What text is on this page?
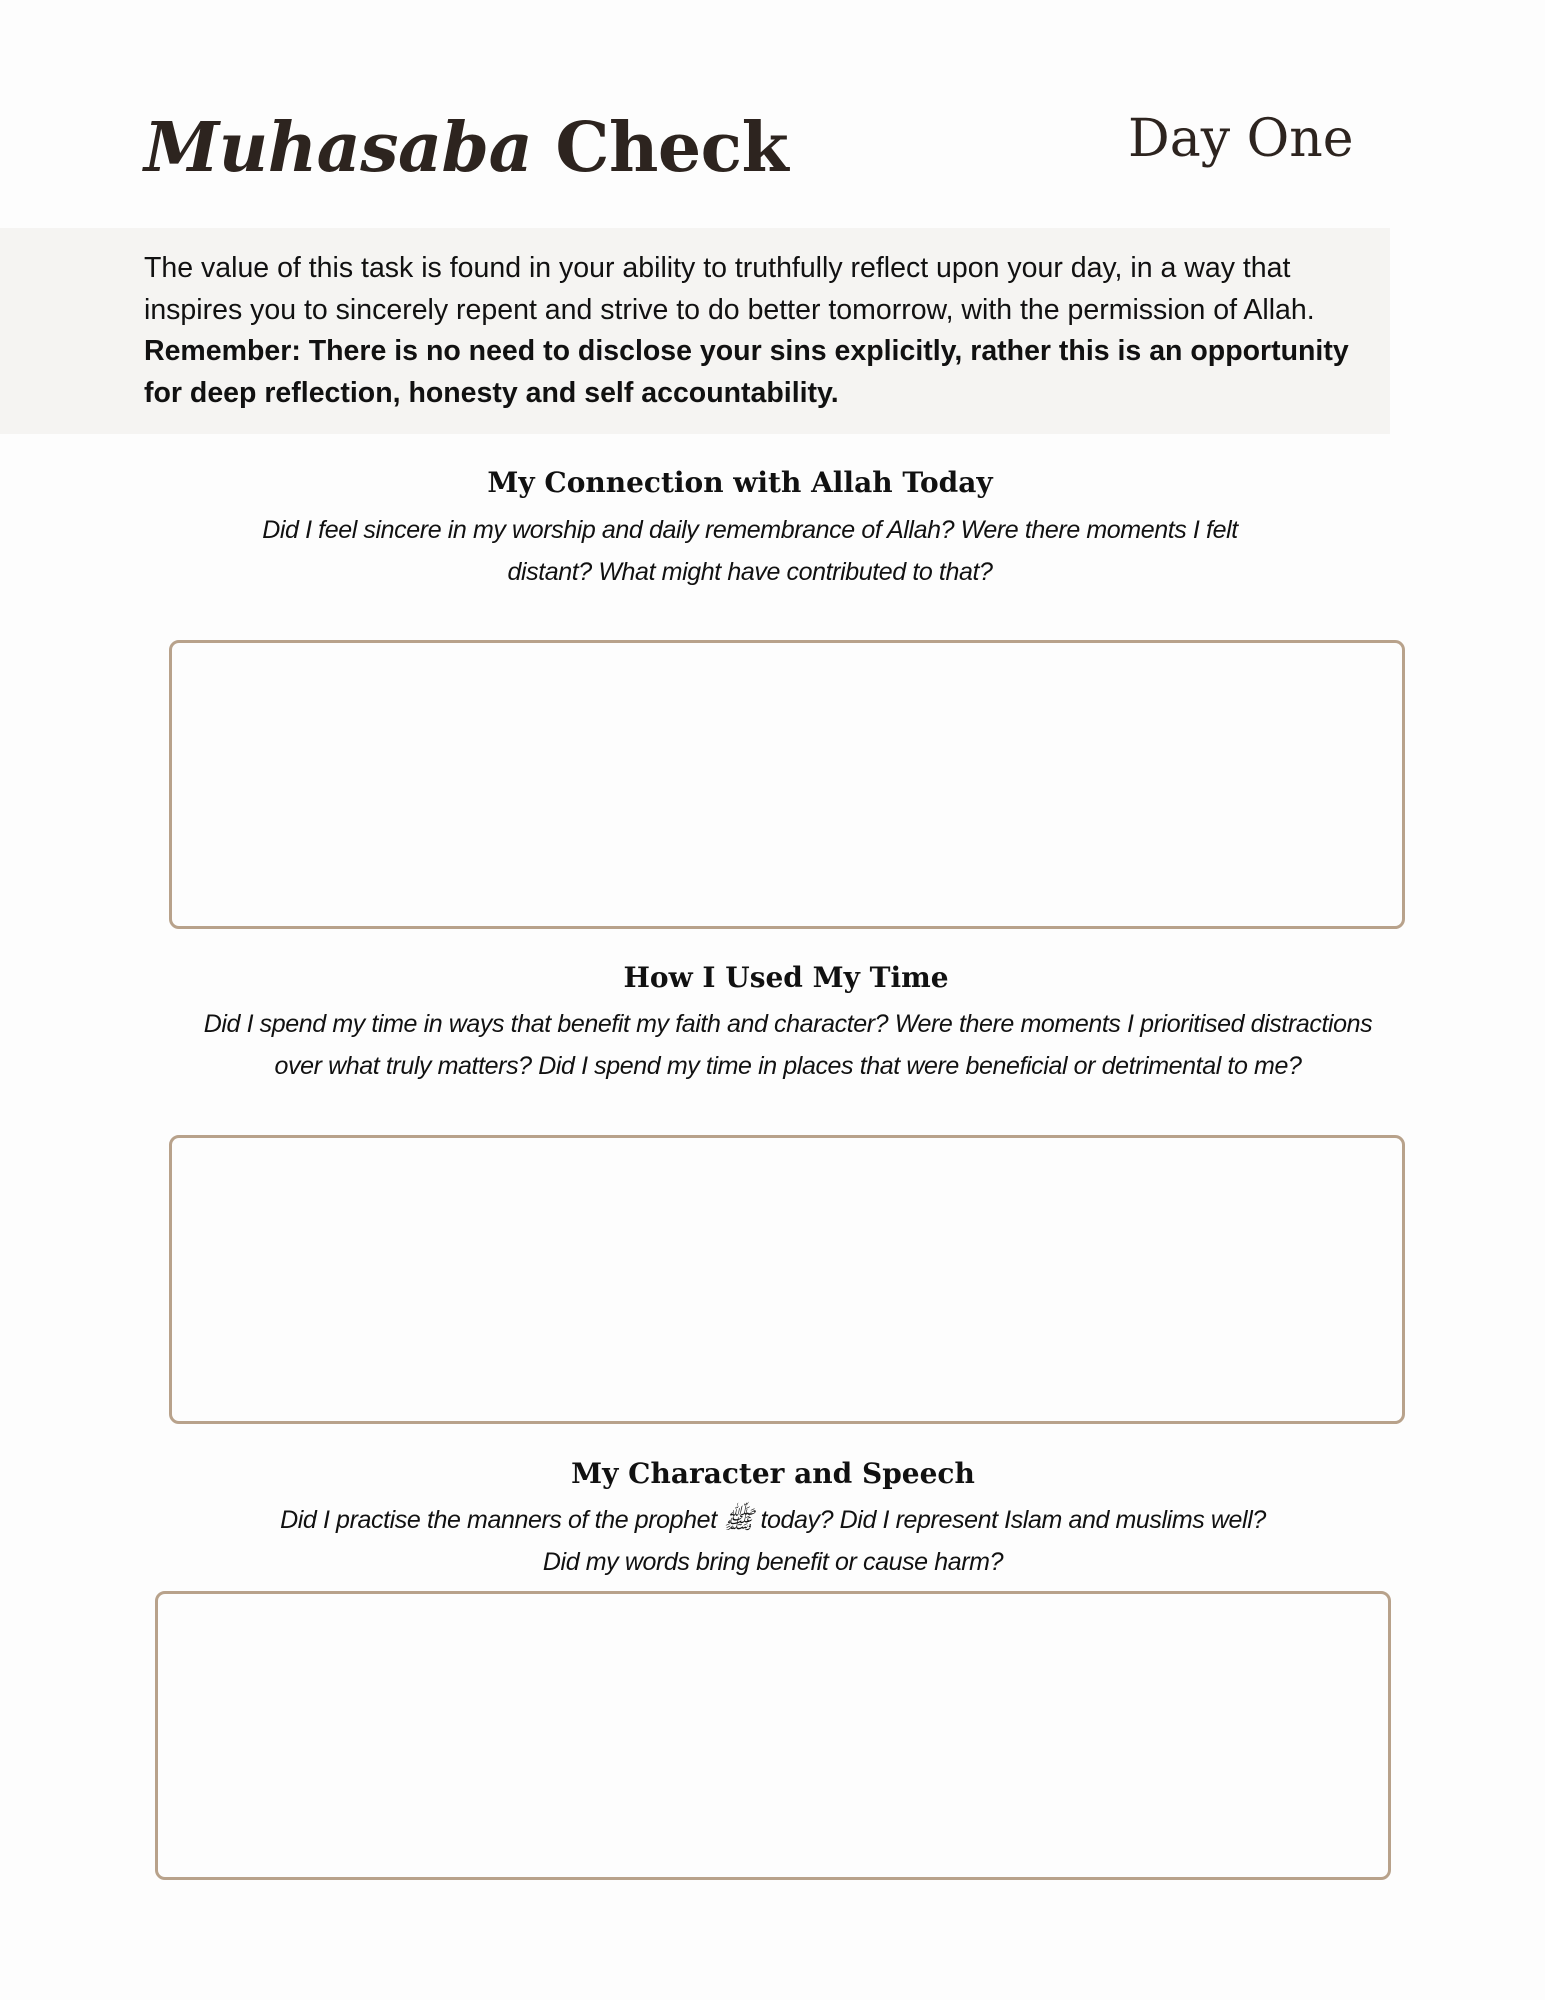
Muhasaba Check	Day One

The value of this task is found in your ability to truthfully reflect upon your day, in a way that inspires you to sincerely repent and strive to do better tomorrow, with the permission of Allah.
Remember: There is no need to disclose your sins explicitly, rather this is an opportunity for deep reflection, honesty and self accountability.

My Connection with Allah Today
Did I feel sincere in my worship and daily remembrance of Allah? Were there moments I felt
distant? What might have contributed to that?
How I Used My Time
Did I spend my time in ways that benefit my faith and character? Were there moments I prioritised distractions
over what truly matters? Did I spend my time in places that were beneficial or detrimental to me?
My Character and Speech
Did I practise the manners of the prophet ﷺ today? Did I represent Islam and muslims well?
Did my words bring benefit or cause harm?
